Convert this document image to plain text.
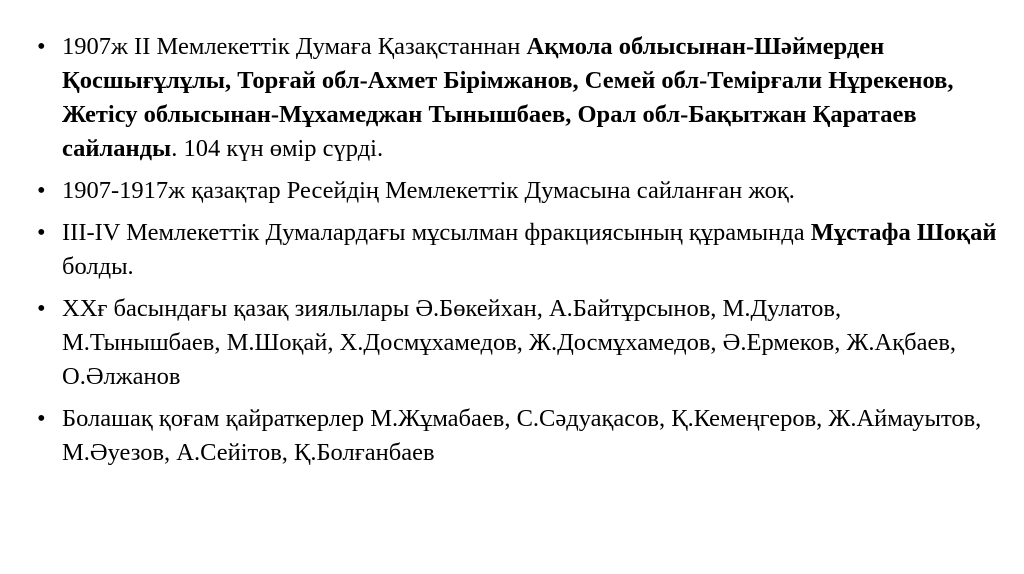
• 1907ж II Мемлекеттік Думаға Қазақстаннан Ақмола облысынан-Шәймерден Қосшығұлұлы, Торғай обл-Ахмет Бірімжанов, Семей обл-Темірғали Нұрекенов, Жетісу облысынан-Мұхамеджан Тынышбаев, Орал обл-Бақытжан Қаратаев сайланды. 104 күн өмір сүрді.
• 1907-1917ж қазақтар Ресейдің Мемлекеттік Думасына сайланған жоқ.
• III-IV Мемлекеттік Думалардағы мұсылман фракциясының құрамында Мұстафа Шоқай болды.
• XXғ басындағы қазақ зиялылары Ә.Бөкейхан, А.Байтұрсынов, М.Дулатов, М.Тынышбаев, М.Шоқай, Х.Досмұхамедов, Ж.Досмұхамедов, Ә.Ермеков, Ж.Ақбаев, О.Әлжанов
• Болашақ қоғам қайраткерлер М.Жұмабаев, С.Сәдуақасов, Қ.Кемеңгеров, Ж.Аймауытов, М.Әуезов, А.Сейітов, Қ.Болғанбаев
